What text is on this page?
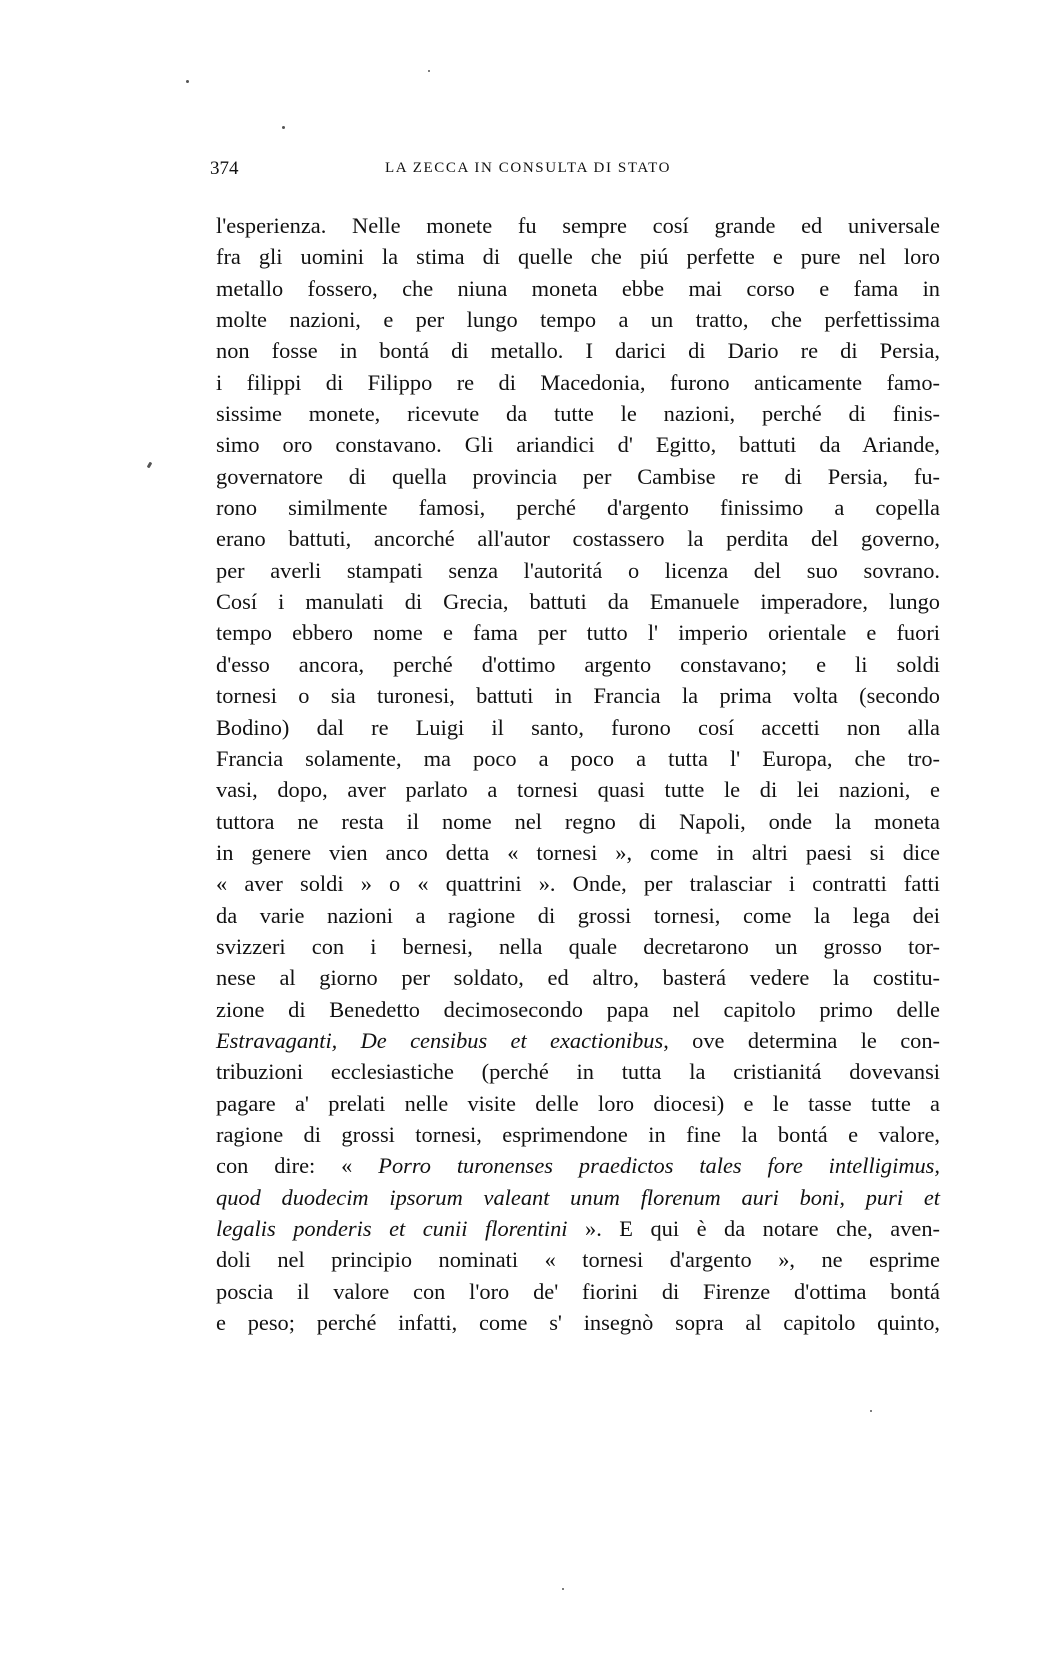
374	LA ZECCA IN CONSULTA DI STATO
l'esperienza. Nelle monete fu sempre cosí grande ed universale
fra gli uomini la stima di quelle che piú perfette e pure nel loro
metallo fossero, che niuna moneta ebbe mai corso e fama in
molte nazioni, e per lungo tempo a un tratto, che perfettissima
non fosse in bontá di metallo. I darici di Dario re di Persia,
i filippi di Filippo re di Macedonia, furono anticamente famo-
sissime monete, ricevute da tutte le nazioni, perché di finis-
simo oro constavano. Gli ariandici d' Egitto, battuti da Ariande,
governatore di quella provincia per Cambise re di Persia, fu-
rono similmente famosi, perché d'argento finissimo a copella
erano battuti, ancorché all'autor costassero la perdita del governo,
per averli stampati senza l'autoritá o licenza del suo sovrano.
Cosí i manulati di Grecia, battuti da Emanuele imperadore, lungo
tempo ebbero nome e fama per tutto l' imperio orientale e fuori
d'esso ancora, perché d'ottimo argento constavano; e li soldi
tornesi o sia turonesi, battuti in Francia la prima volta (secondo
Bodino) dal re Luigi il santo, furono cosí accetti non alla
Francia solamente, ma poco a poco a tutta l' Europa, che tro-
vasi, dopo, aver parlato a tornesi quasi tutte le di lei nazioni, e
tuttora ne resta il nome nel regno di Napoli, onde la moneta
in genere vien anco detta « tornesi », come in altri paesi si dice
« aver soldi » o « quattrini ». Onde, per tralasciar i contratti fatti
da varie nazioni a ragione di grossi tornesi, come la lega dei
svizzeri con i bernesi, nella quale decretarono un grosso tor-
nese al giorno per soldato, ed altro, basterá vedere la costitu-
zione di Benedetto decimosecondo papa nel capitolo primo delle
Estravaganti, De censibus et exactionibus, ove determina le con-
tribuzioni ecclesiastiche (perché in tutta la cristianitá dovevansi
pagare a' prelati nelle visite delle loro diocesi) e le tasse tutte a
ragione di grossi tornesi, esprimendone in fine la bontá e valore,
con dire: « Porro turonenses praedictos tales fore intelligimus,
quod duodecim ipsorum valeant unum florenum auri boni, puri et
legalis ponderis et cunii florentini ». E qui è da notare che, aven-
doli nel principio nominati « tornesi d'argento », ne esprime
poscia il valore con l'oro de' fiorini di Firenze d'ottima bontá
e peso; perché infatti, come s' insegnò sopra al capitolo quinto,
